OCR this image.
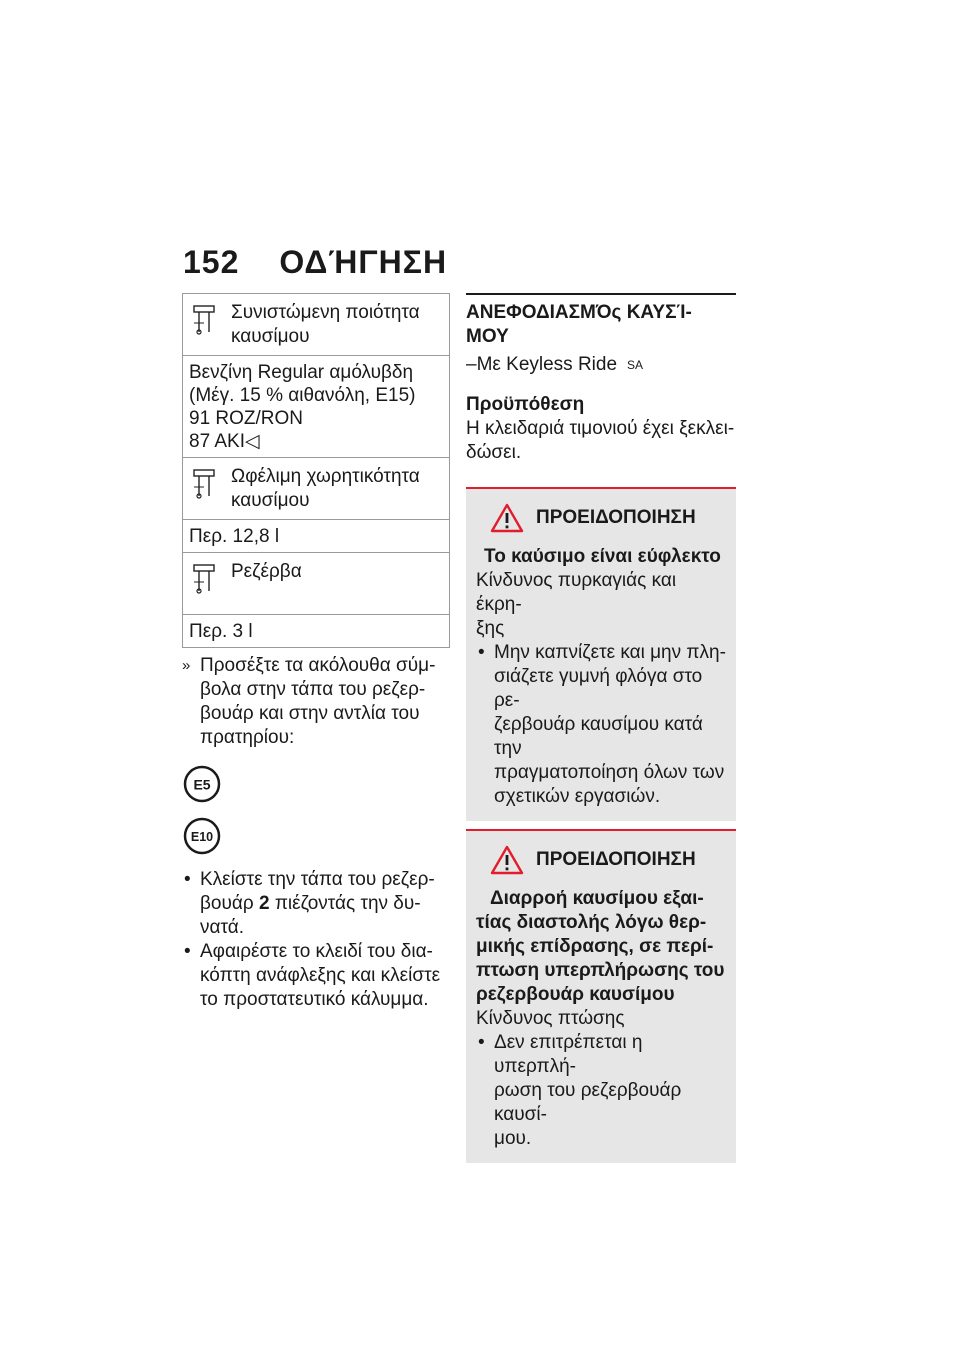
152 ΟΔΉΓΗΣΗ
Συνιστώμενη ποιότητα
καυσίμου
Βενζίνη Regular αμόλυβδη
(Μέγ. 15 % αιθανόλη, E15)
91 ROZ/RON
87 AKI◁
Ωφέλιμη χωρητικότητα
καυσίμου
Περ. 12,8 l
Ρεζέρβα
Περ. 3 l
» Προσέξτε τα ακόλουθα σύμ-
βολα στην τάπα του ρεζερ-
βουάρ και στην αντλία του
πρατηρίου:
E5
E10
• Κλείστε την τάπα του ρεζερ-
βουάρ 2 πιέζοντάς την δυ-
νατά.
• Αφαιρέστε το κλειδί του δια-
κόπτη ανάφλεξης και κλείστε
το προστατευτικό κάλυμμα.
ΑΝΕΦΟΔΙΑΣΜΌς ΚΑΥΣΊ-
ΜΟΥ
–Με Keyless Ride $^{SA}$
Προϋπόθεση
Η κλειδαριά τιμονιού έχει ξεκλει-
δώσει.
ΠΡΟΕΙΔΟΠΟΙΗΣΗ
Το καύσιμο είναι εύφλεκτο
Κίνδυνος πυρκαγιάς και έκρη-
ξης
• Μην καπνίζετε και μην πλη-
σιάζετε γυμνή φλόγα στο ρε-
ζερβουάρ καυσίμου κατά την
πραγματοποίηση όλων των
σχετικών εργασιών.
ΠΡΟΕΙΔΟΠΟΙΗΣΗ
Διαρροή καυσίμου εξαι-
τίας διαστολής λόγω θερ-
μικής επίδρασης, σε περί-
πτωση υπερπλήρωσης του
ρεζερβουάρ καυσίμου
Κίνδυνος πτώσης
• Δεν επιτρέπεται η υπερπλή-
ρωση του ρεζερβουάρ καυσί-
μου.
